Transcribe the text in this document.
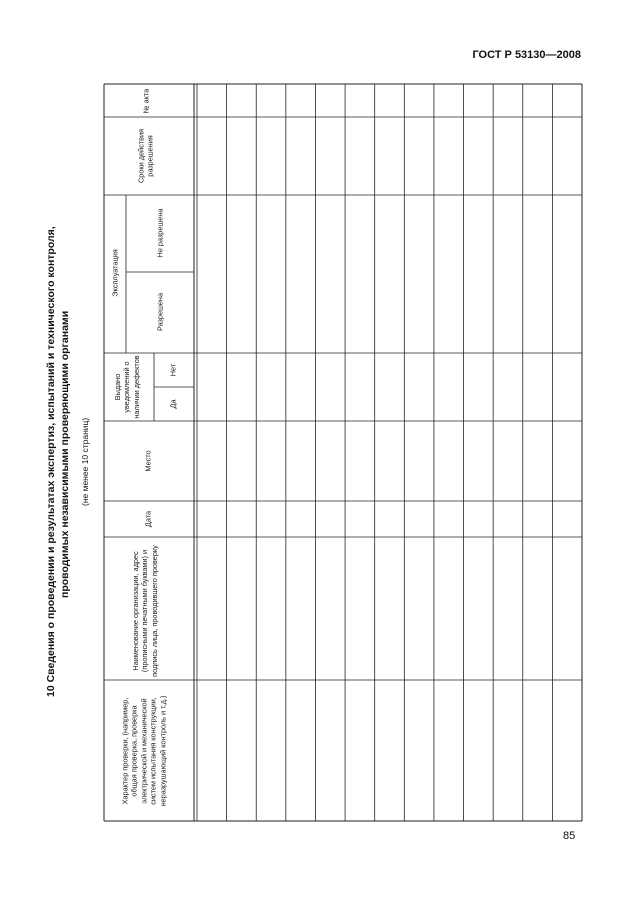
ГОСТ Р 53130—2008
10 Сведения о проведении и результатах экспертиз, испытаний и технического контроля, проводимых независимыми проверяющими органами (не менее 10 страниц)
№ акта
Сроки действия разрешения
Эксплуатация
Не разрешена
Разрешена
Выдано уведомлений о наличии дефектов	Нет
Да
Место
Дата
Наименование организации, адрес (прописными печатными буквами) и подпись лица, проводившего проверку
Характер проверки, (например, общая проверка, проверка электрической и механической систем испытания конструкции, неразрушающий контроль и т.д.)
85
